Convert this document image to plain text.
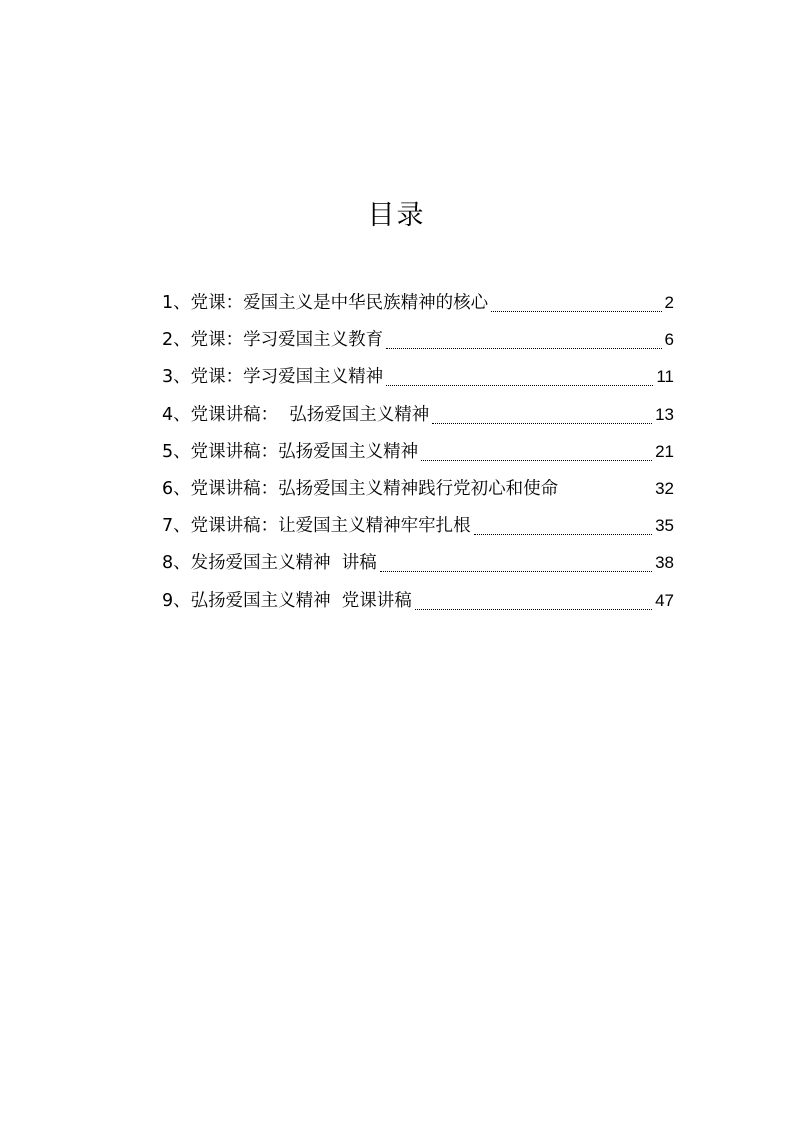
目录
1、 党课：爱国主义是中华民族精神的核心	2
2、 党课：学习爱国主义教育	6
3、 党课：学习爱国主义精神	11
4、 党课讲稿：  弘扬爱国主义精神	13
5、 党课讲稿：弘扬爱国主义精神	21
6、 党课讲稿：弘扬爱国主义精神践行党初心和使命	32
7、 党课讲稿：让爱国主义精神牢牢扎根	35
8、 发扬爱国主义精神  讲稿	38
9、 弘扬爱国主义精神  党课讲稿	47
